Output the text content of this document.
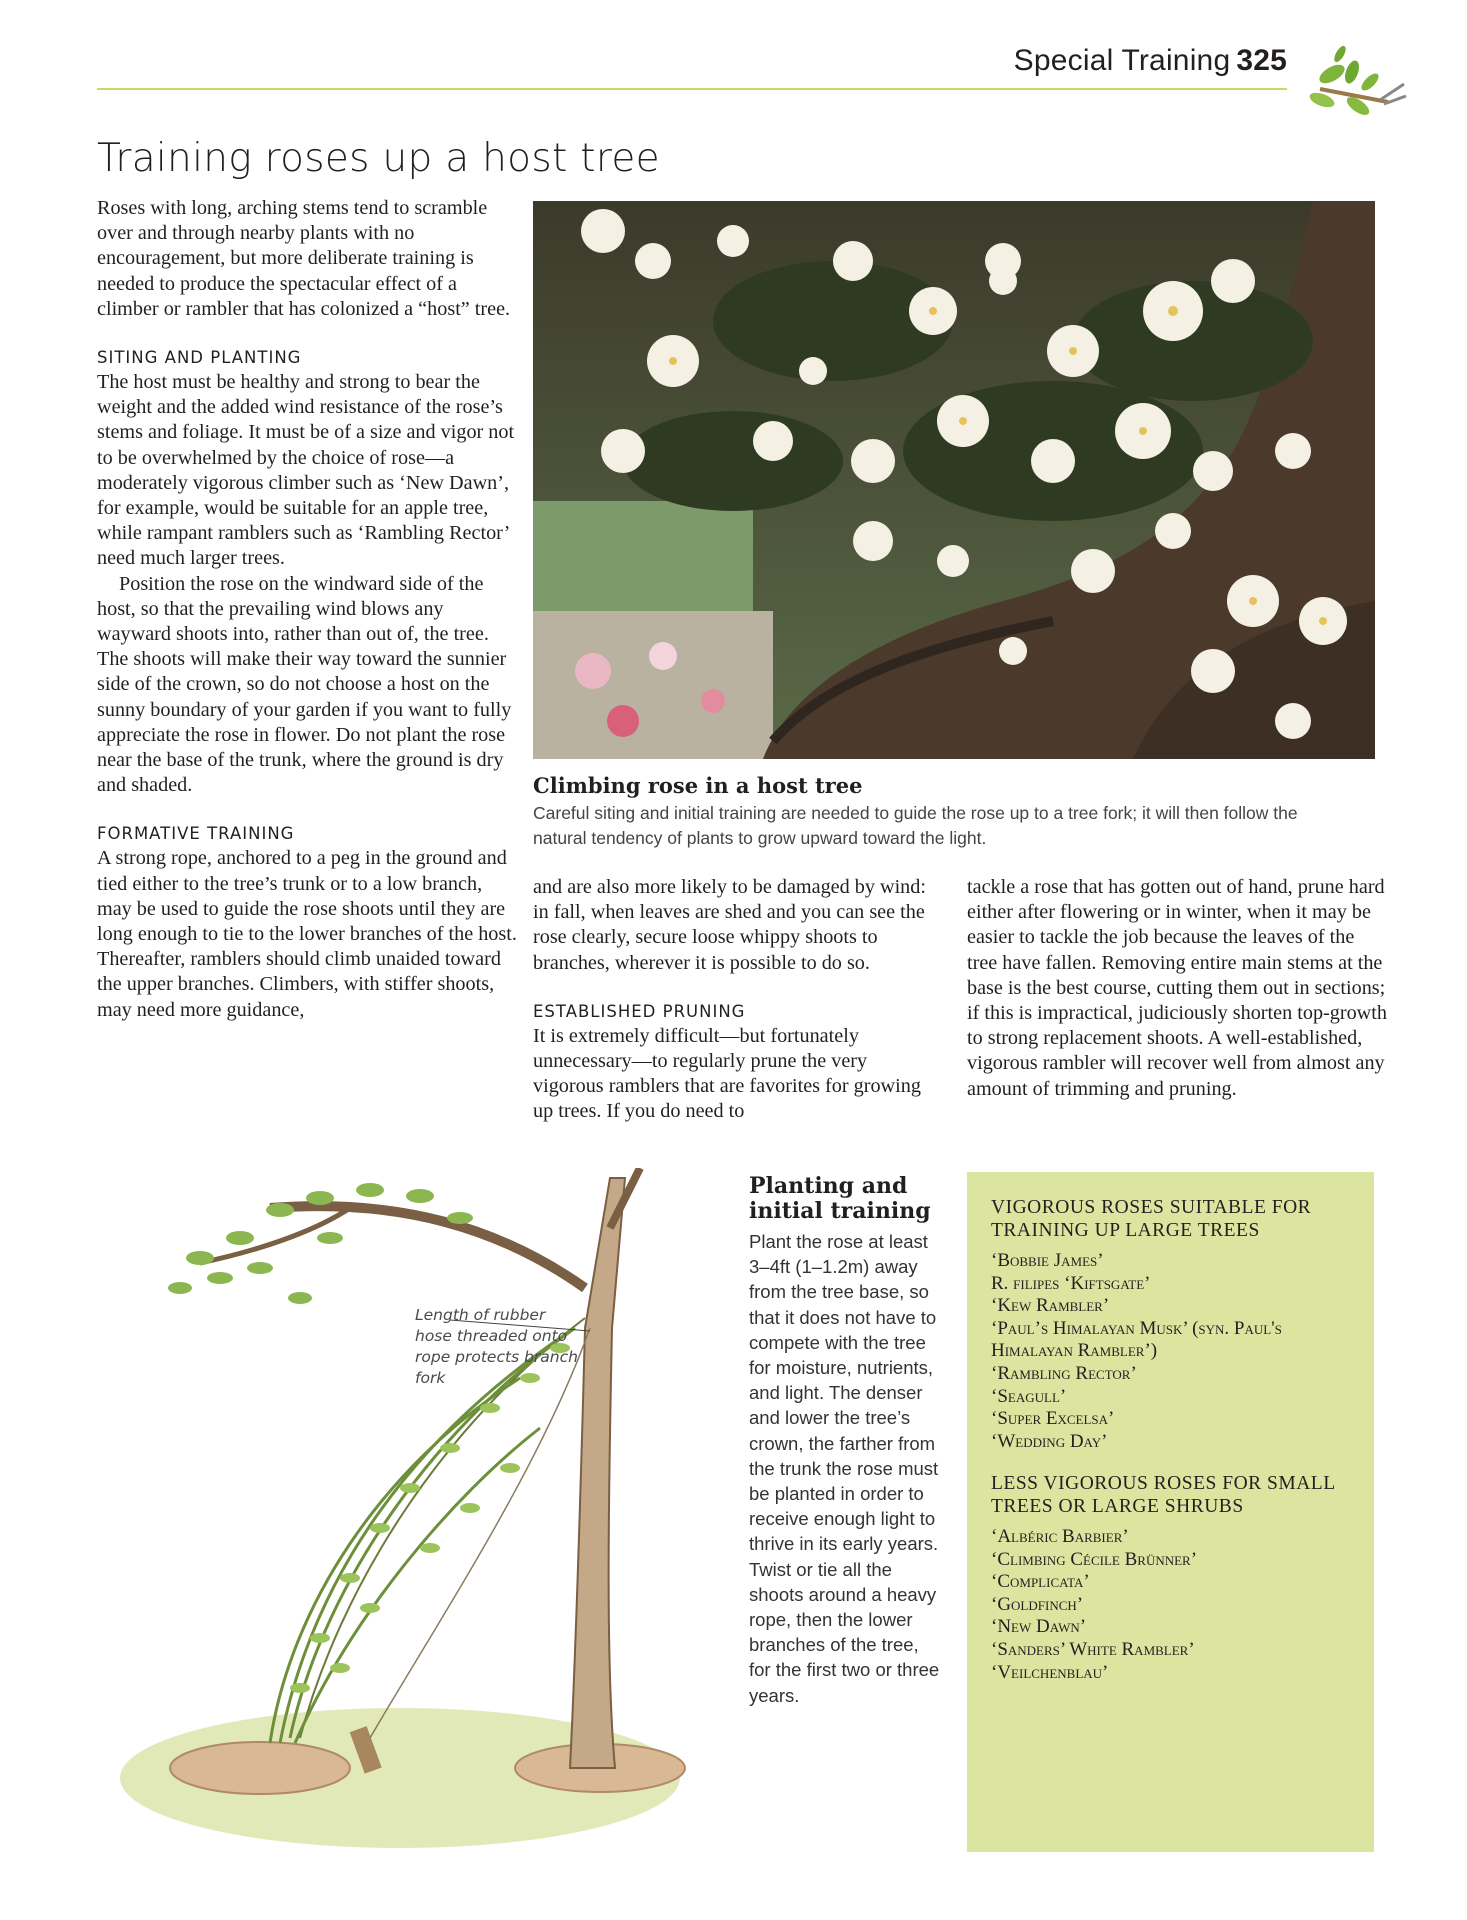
Special Training 325
Training roses up a host tree

Roses with long, arching stems tend to scramble over and through nearby plants with no encouragement, but more deliberate training is needed to produce the spectacular effect of a climber or rambler that has colonized a “host” tree.

SITING AND PLANTING

The host must be healthy and strong to bear the weight and the added wind resistance of the rose’s stems and foliage. It must be of a size and vigor not to be overwhelmed by the choice of rose—a moderately vigorous climber such as ‘New Dawn’, for example, would be suitable for an apple tree, while rampant ramblers such as ‘Rambling Rector’ need much larger trees.

Position the rose on the windward side of the host, so that the prevailing wind blows any wayward shoots into, rather than out of, the tree. The shoots will make their way toward the sunnier side of the crown, so do not choose a host on the sunny boundary of your garden if you want to fully appreciate the rose in flower. Do not plant the rose near the base of the trunk, where the ground is dry and shaded.

FORMATIVE TRAINING

A strong rope, anchored to a peg in the ground and tied either to the tree’s trunk or to a low branch, may be used to guide the rose shoots until they are long enough to tie to the lower branches of the host. Thereafter, ramblers should climb unaided toward the upper branches. Climbers, with stiffer shoots, may need more guidance,

Climbing rose in a host tree
Careful siting and initial training are needed to guide the rose up to a tree fork; it will then follow the natural tendency of plants to grow upward toward the light.

and are also more likely to be damaged by wind: in fall, when leaves are shed and you can see the rose clearly, secure loose whippy shoots to branches, wherever it is possible to do so.

ESTABLISHED PRUNING

It is extremely difficult—but fortunately unnecessary—to regularly prune the very vigorous ramblers that are favorites for growing up trees. If you do need to

tackle a rose that has gotten out of hand, prune hard either after flowering or in winter, when it may be easier to tackle the job because the leaves of the tree have fallen. Removing entire main stems at the base is the best course, cutting them out in sections; if this is impractical, judiciously shorten top-growth to strong replacement shoots. A well-established, vigorous rambler will recover well from almost any amount of trimming and pruning.

Length of rubber hose threaded onto rope protects branch fork
Planting and initial training
Plant the rose at least 3–4ft (1–1.2m) away from the tree base, so that it does not have to compete with the tree for moisture, nutrients, and light. The denser and lower the tree’s crown, the farther from the trunk the rose must be planted in order to receive enough light to thrive in its early years. Twist or tie all the shoots around a heavy rope, then the lower branches of the tree, for the first two or three years.
VIGOROUS ROSES SUITABLE FOR TRAINING UP LARGE TREES
‘Bobbie James’
R. filipes ‘Kiftsgate’
‘Kew Rambler’
‘Paul’s Himalayan Musk’ (syn. Paul's Himalayan Rambler’)
‘Rambling Rector’
‘Seagull’
‘Super Excelsa’
‘Wedding Day’
LESS VIGOROUS ROSES FOR SMALL TREES OR LARGE SHRUBS
‘Albéric Barbier’
‘Climbing Cécile Brünner’
‘Complicata’
‘Goldfinch’
‘New Dawn’
‘Sanders’ White Rambler’
‘Veilchenblau’
